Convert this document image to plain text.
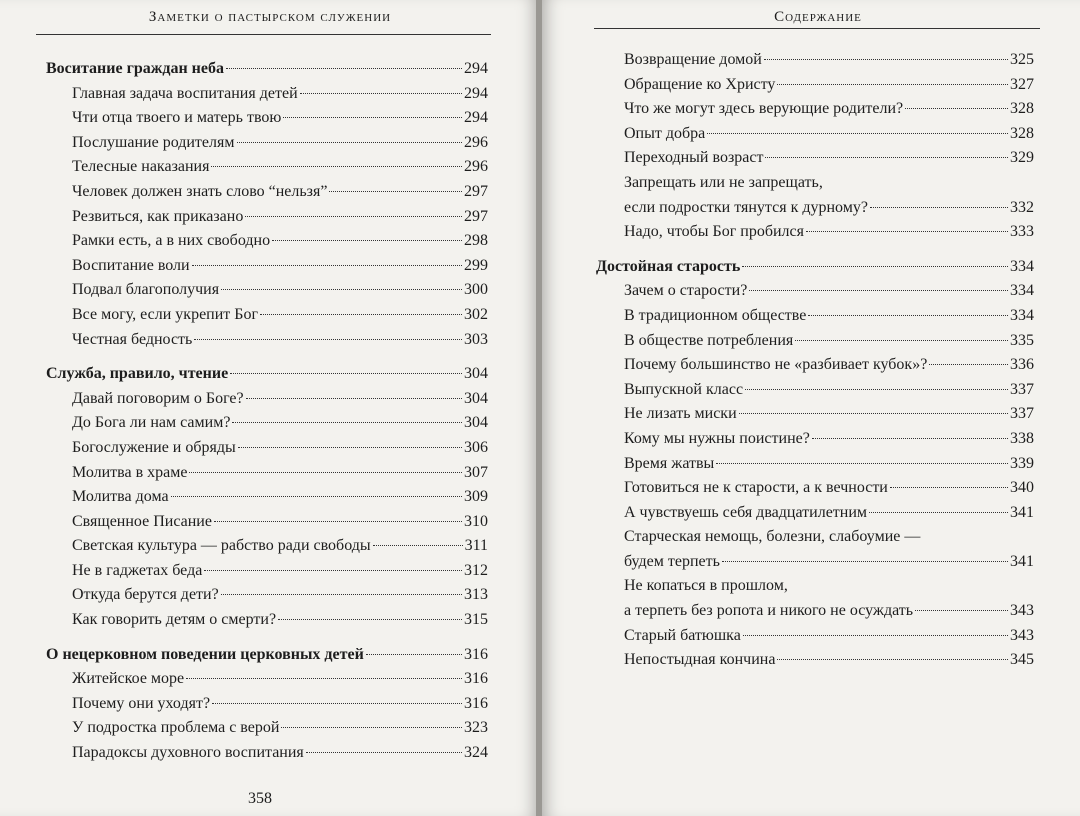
Заметки о пастырском служении
Воситание граждан неба	294
Главная задача воспитания детей	294
Чти отца твоего и матерь твою	294
Послушание родителям	296
Телесные наказания	296
Человек должен знать слово “нельзя”	297
Резвиться, как приказано	297
Рамки есть, а в них свободно	298
Воспитание воли	299
Подвал благополучия	300
Все могу, если укрепит Бог	302
Честная бедность	303
Служба, правило, чтение	304
Давай поговорим о Боге?	304
До Бога ли нам самим?	304
Богослужение и обряды	306
Молитва в храме	307
Молитва дома	309
Священное Писание	310
Светская культура — рабство ради свободы	311
Не в гаджетах беда	312
Откуда берутся дети?	313
Как говорить детям о смерти?	315
О нецерковном поведении церковных детей	316
Житейское море	316
Почему они уходят?	316
У подростка проблема с верой	323
Парадоксы духовного воспитания	324
358
Содержание
Возвращение домой	325
Обращение ко Христу	327
Что же могут здесь верующие родители?	328
Опыт добра	328
Переходный возраст	329
Запрещать или не запрещать,
если подростки тянутся к дурному?	332
Надо, чтобы Бог пробился	333
Достойная старость	334
Зачем о старости?	334
В традиционном обществе	334
В обществе потребления	335
Почему большинство не «разбивает кубок»?	336
Выпускной класс	337
Не лизать миски	337
Кому мы нужны поистине?	338
Время жатвы	339
Готовиться не к старости, а к вечности	340
А чувствуешь себя двадцатилетним	341
Старческая немощь, болезни, слабоумие —
будем терпеть	341
Не копаться в прошлом,
а терпеть без ропота и никого не осуждать	343
Старый батюшка	343
Непостыдная кончина	345
